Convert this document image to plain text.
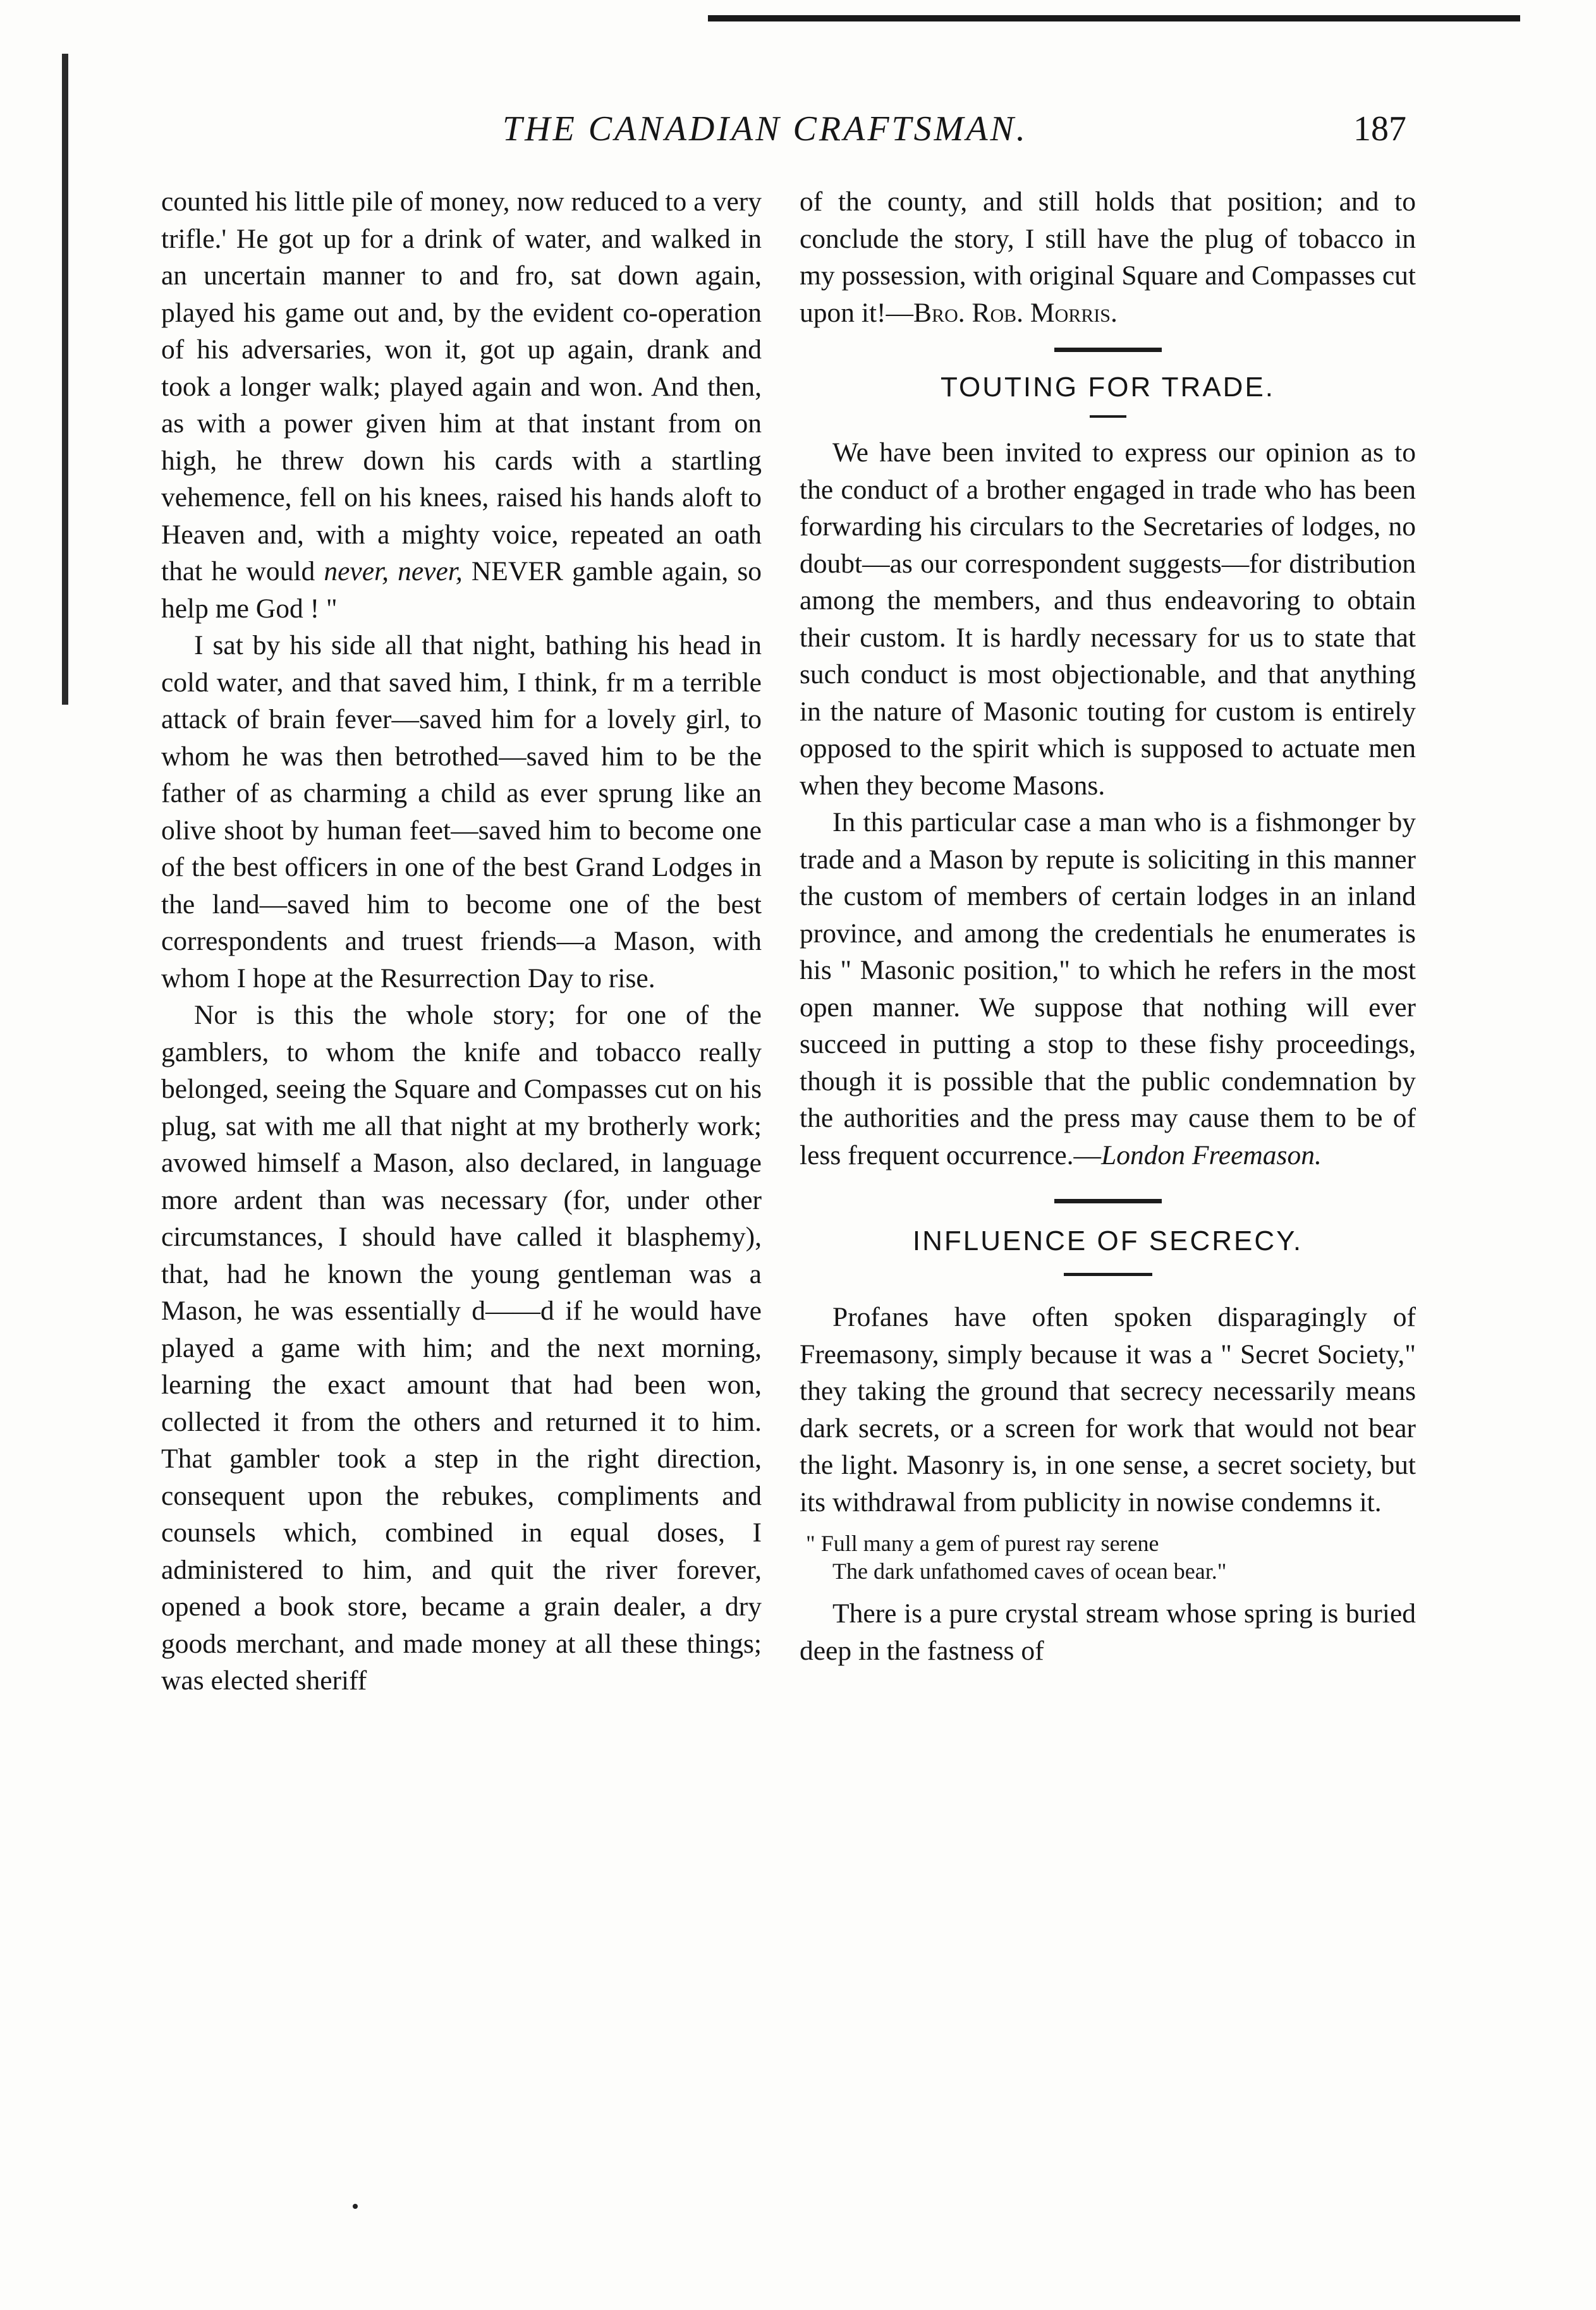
THE CANADIAN CRAFTSMAN.	187

counted his little pile of money, now reduced to a very trifle.' He got up for a drink of water, and walked in an uncertain manner to and fro, sat down again, played his game out and, by the evident co-operation of his adversaries, won it, got up again, drank and took a longer walk; played again and won. And then, as with a power given him at that instant from on high, he threw down his cards with a startling vehemence, fell on his knees, raised his hands aloft to Heaven and, with a mighty voice, repeated an oath that he would never, never, NEVER gamble again, so help me God ! "

I sat by his side all that night, bathing his head in cold water, and that saved him, I think, fr m a terrible attack of brain fever—saved him for a lovely girl, to whom he was then betrothed—saved him to be the father of as charming a child as ever sprung like an olive shoot by human feet—saved him to become one of the best officers in one of the best Grand Lodges in the land—saved him to become one of the best correspondents and truest friends—a Mason, with whom I hope at the Resurrection Day to rise.

Nor is this the whole story; for one of the gamblers, to whom the knife and tobacco really belonged, seeing the Square and Compasses cut on his plug, sat with me all that night at my brotherly work; avowed himself a Mason, also declared, in language more ardent than was necessary (for, under other circumstances, I should have called it blasphemy), that, had he known the young gentleman was a Mason, he was essentially d——d if he would have played a game with him; and the next morning, learning the exact amount that had been won, collected it from the others and returned it to him. That gambler took a step in the right direction, consequent upon the rebukes, compliments and counsels which, combined in equal doses, I administered to him, and quit the river forever, opened a book store, became a grain dealer, a dry goods merchant, and made money at all these things; was elected sheriff

of the county, and still holds that position; and to conclude the story, I still have the plug of tobacco in my possession, with original Square and Compasses cut upon it!—Bro. Rob. Morris.

TOUTING FOR TRADE.

We have been invited to express our opinion as to the conduct of a brother engaged in trade who has been forwarding his circulars to the Secretaries of lodges, no doubt—as our correspondent suggests—for distribution among the members, and thus endeavoring to obtain their custom. It is hardly necessary for us to state that such conduct is most objectionable, and that anything in the nature of Masonic touting for custom is entirely opposed to the spirit which is supposed to actuate men when they become Masons.

In this particular case a man who is a fishmonger by trade and a Mason by repute is soliciting in this manner the custom of members of certain lodges in an inland province, and among the credentials he enumerates is his " Masonic position," to which he refers in the most open manner. We suppose that nothing will ever succeed in putting a stop to these fishy proceedings, though it is possible that the public condemnation by the authorities and the press may cause them to be of less frequent occurrence.—London Freemason.

INFLUENCE OF SECRECY.

Profanes have often spoken disparagingly of Freemasony, simply because it was a " Secret Society," they taking the ground that secrecy necessarily means dark secrets, or a screen for work that would not bear the light. Masonry is, in one sense, a secret society, but its withdrawal from publicity in nowise condemns it.

" Full many a gem of purest ray serene
The dark unfathomed caves of ocean bear."

There is a pure crystal stream whose spring is buried deep in the fastness of
